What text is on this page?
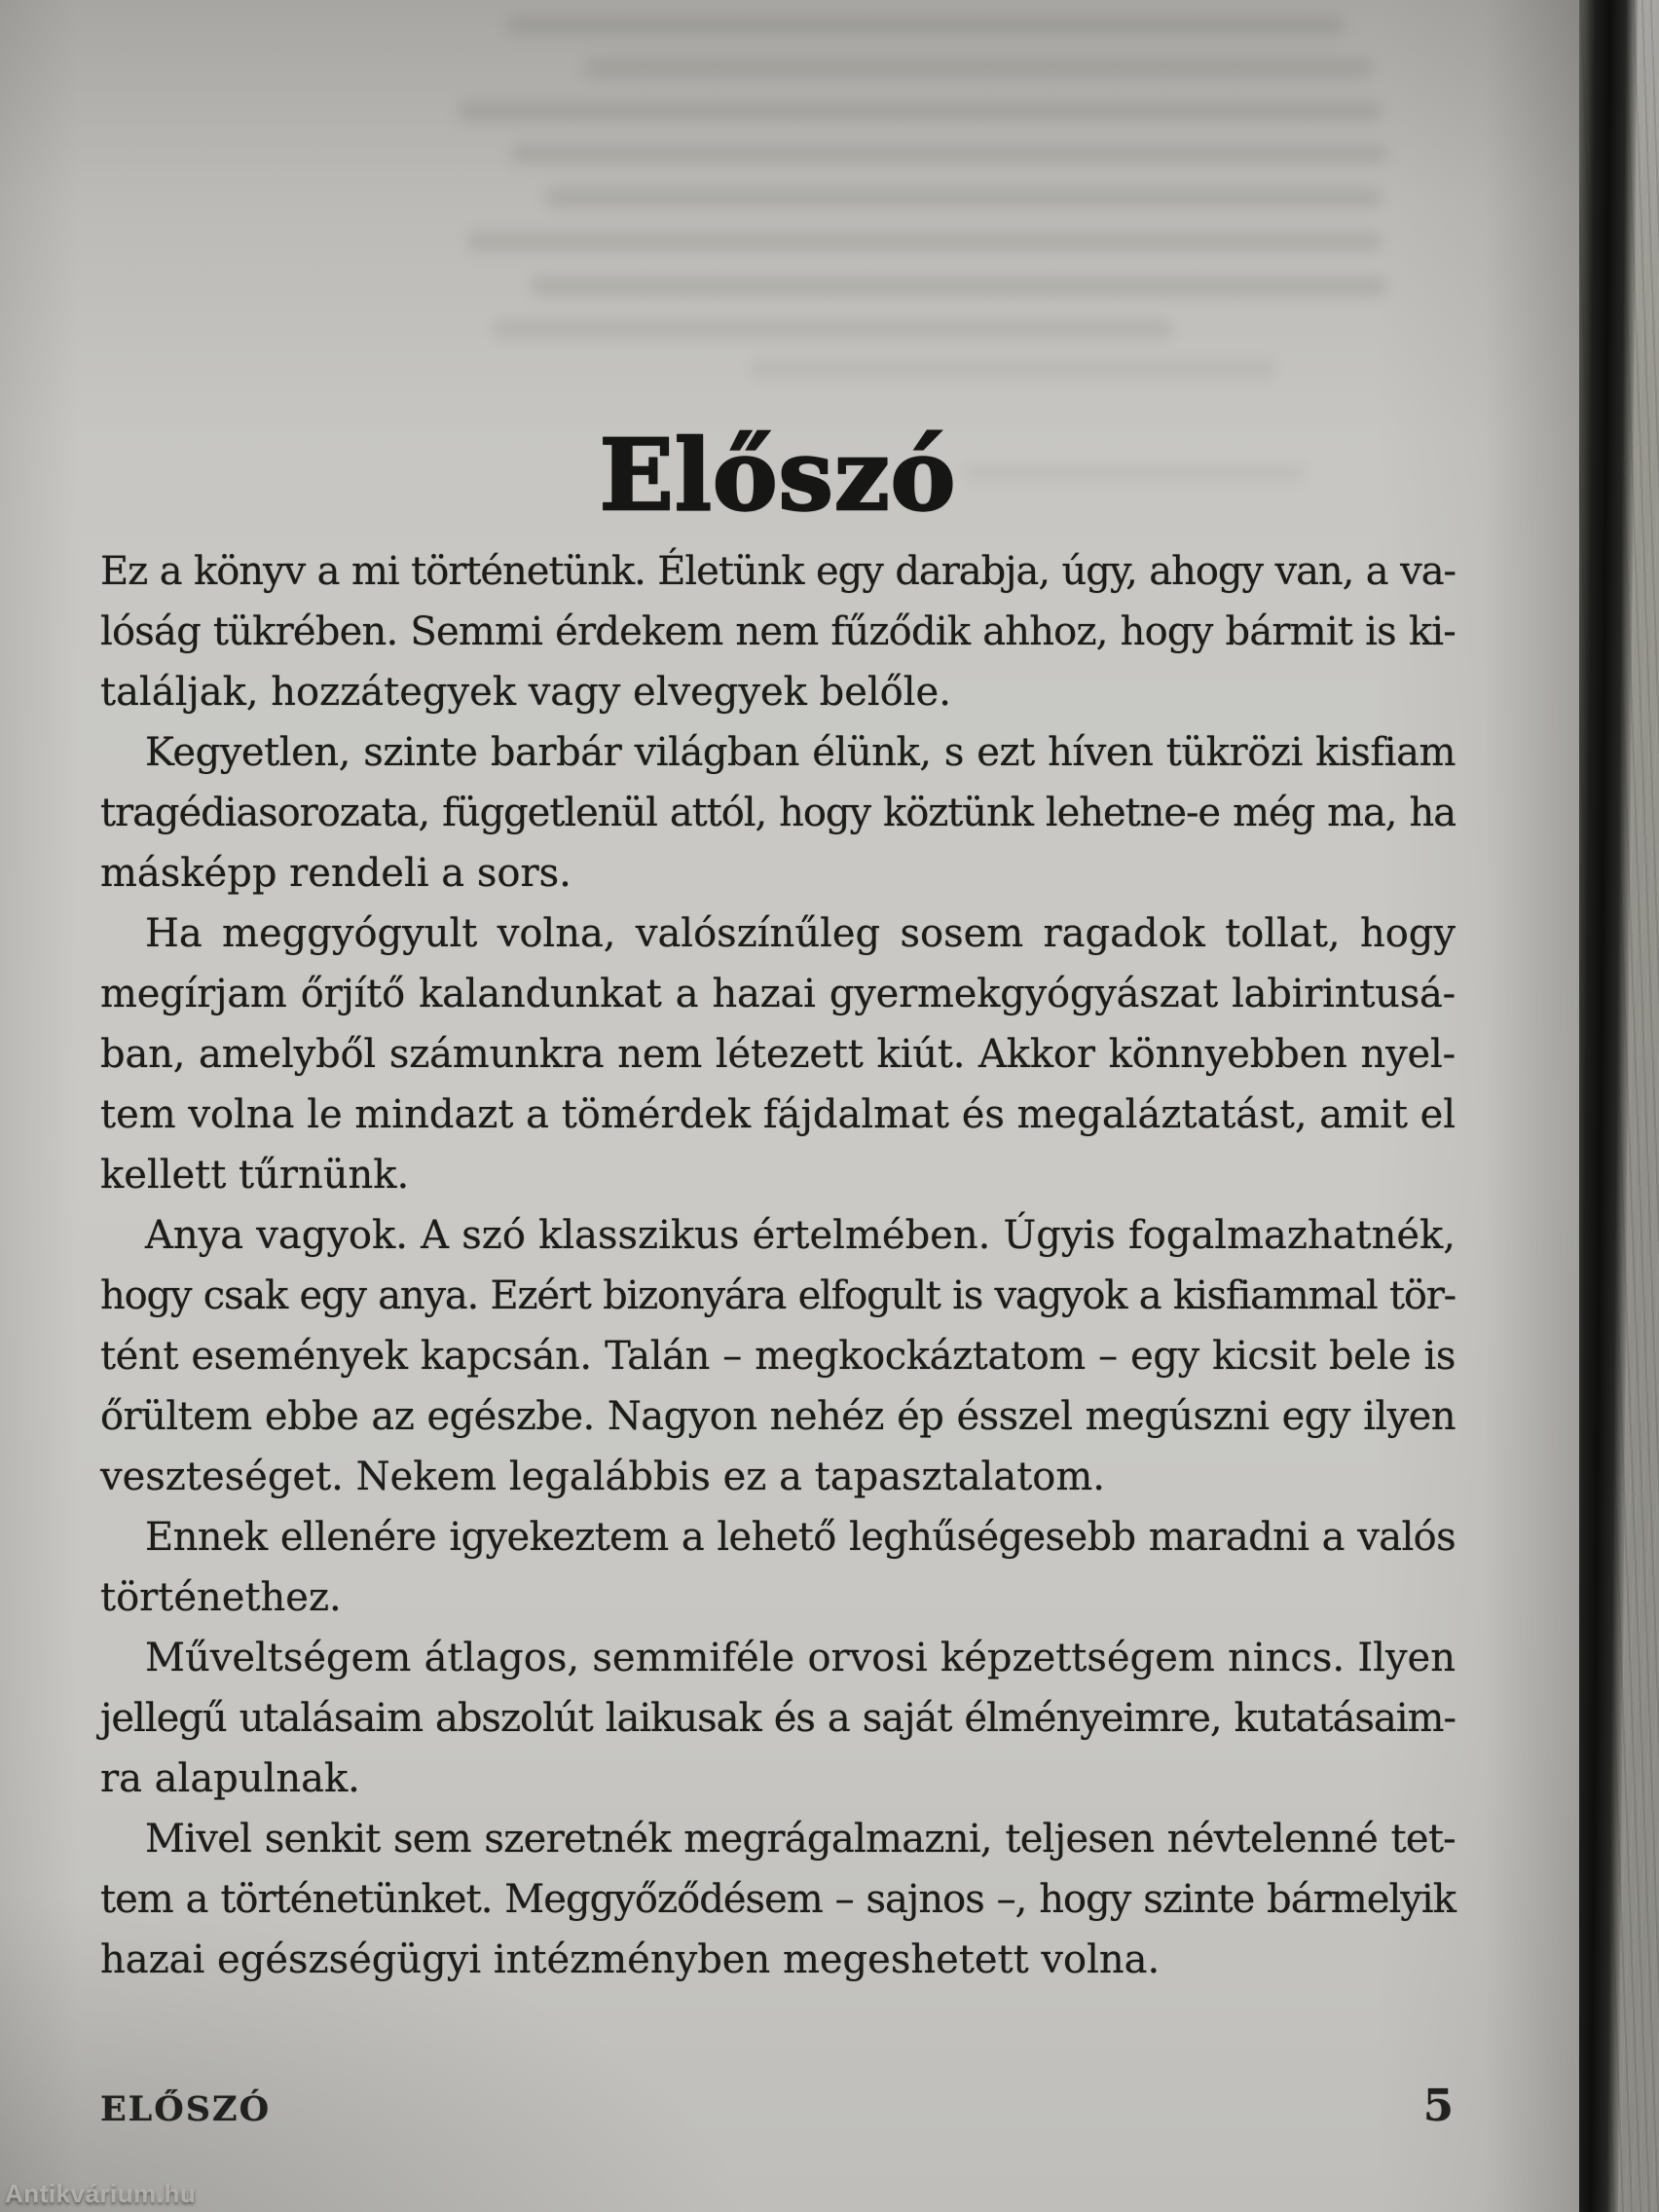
Előszó
Ez a könyv a mi történetünk. Életünk egy darabja, úgy, ahogy van, a va-
lóság tükrében. Semmi érdekem nem fűződik ahhoz, hogy bármit is ki-
találjak, hozzátegyek vagy elvegyek belőle.
Kegyetlen, szinte barbár világban élünk, s ezt híven tükrözi kisfiam
tragédiasorozata, függetlenül attól, hogy köztünk lehetne-e még ma, ha
másképp rendeli a sors.
Ha meggyógyult volna, valószínűleg sosem ragadok tollat, hogy
megírjam őrjítő kalandunkat a hazai gyermekgyógyászat labirintusá-
ban, amelyből számunkra nem létezett kiút. Akkor könnyebben nyel-
tem volna le mindazt a tömérdek fájdalmat és megaláztatást, amit el
kellett tűrnünk.
Anya vagyok. A szó klasszikus értelmében. Úgyis fogalmazhatnék,
hogy csak egy anya. Ezért bizonyára elfogult is vagyok a kisfiammal tör-
tént események kapcsán. Talán – megkockáztatom – egy kicsit bele is
őrültem ebbe az egészbe. Nagyon nehéz ép ésszel megúszni egy ilyen
veszteséget. Nekem legalábbis ez a tapasztalatom.
Ennek ellenére igyekeztem a lehető leghűségesebb maradni a valós
történethez.
Műveltségem átlagos, semmiféle orvosi képzettségem nincs. Ilyen
jellegű utalásaim abszolút laikusak és a saját élményeimre, kutatásaim-
ra alapulnak.
Mivel senkit sem szeretnék megrágalmazni, teljesen névtelenné tet-
tem a történetünket. Meggyőződésem – sajnos –, hogy szinte bármelyik
hazai egészségügyi intézményben megeshetett volna.
ELŐSZÓ	5
Antikvárium.hu
